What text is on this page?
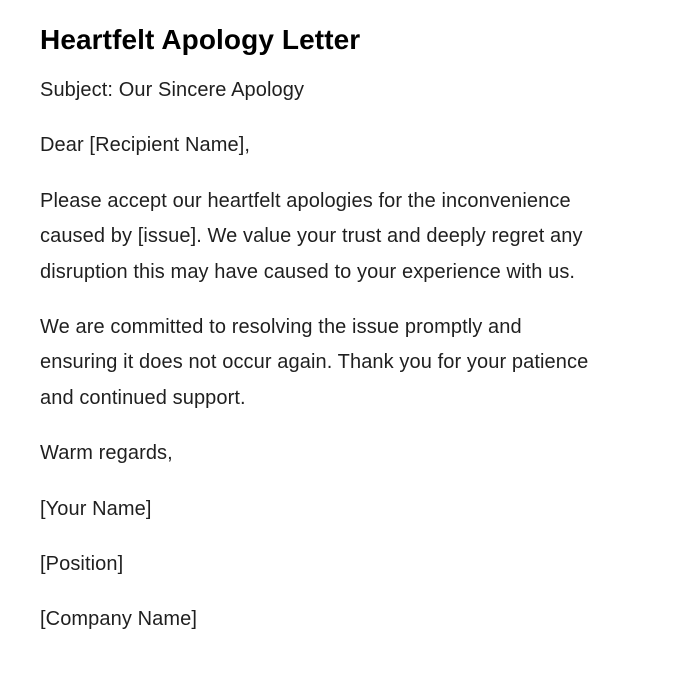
Heartfelt Apology Letter

Subject: Our Sincere Apology

Dear [Recipient Name],

Please accept our heartfelt apologies for the inconvenience
caused by [issue]. We value your trust and deeply regret any
disruption this may have caused to your experience with us.

We are committed to resolving the issue promptly and
ensuring it does not occur again. Thank you for your patience
and continued support.

Warm regards,

[Your Name]

[Position]

[Company Name]
